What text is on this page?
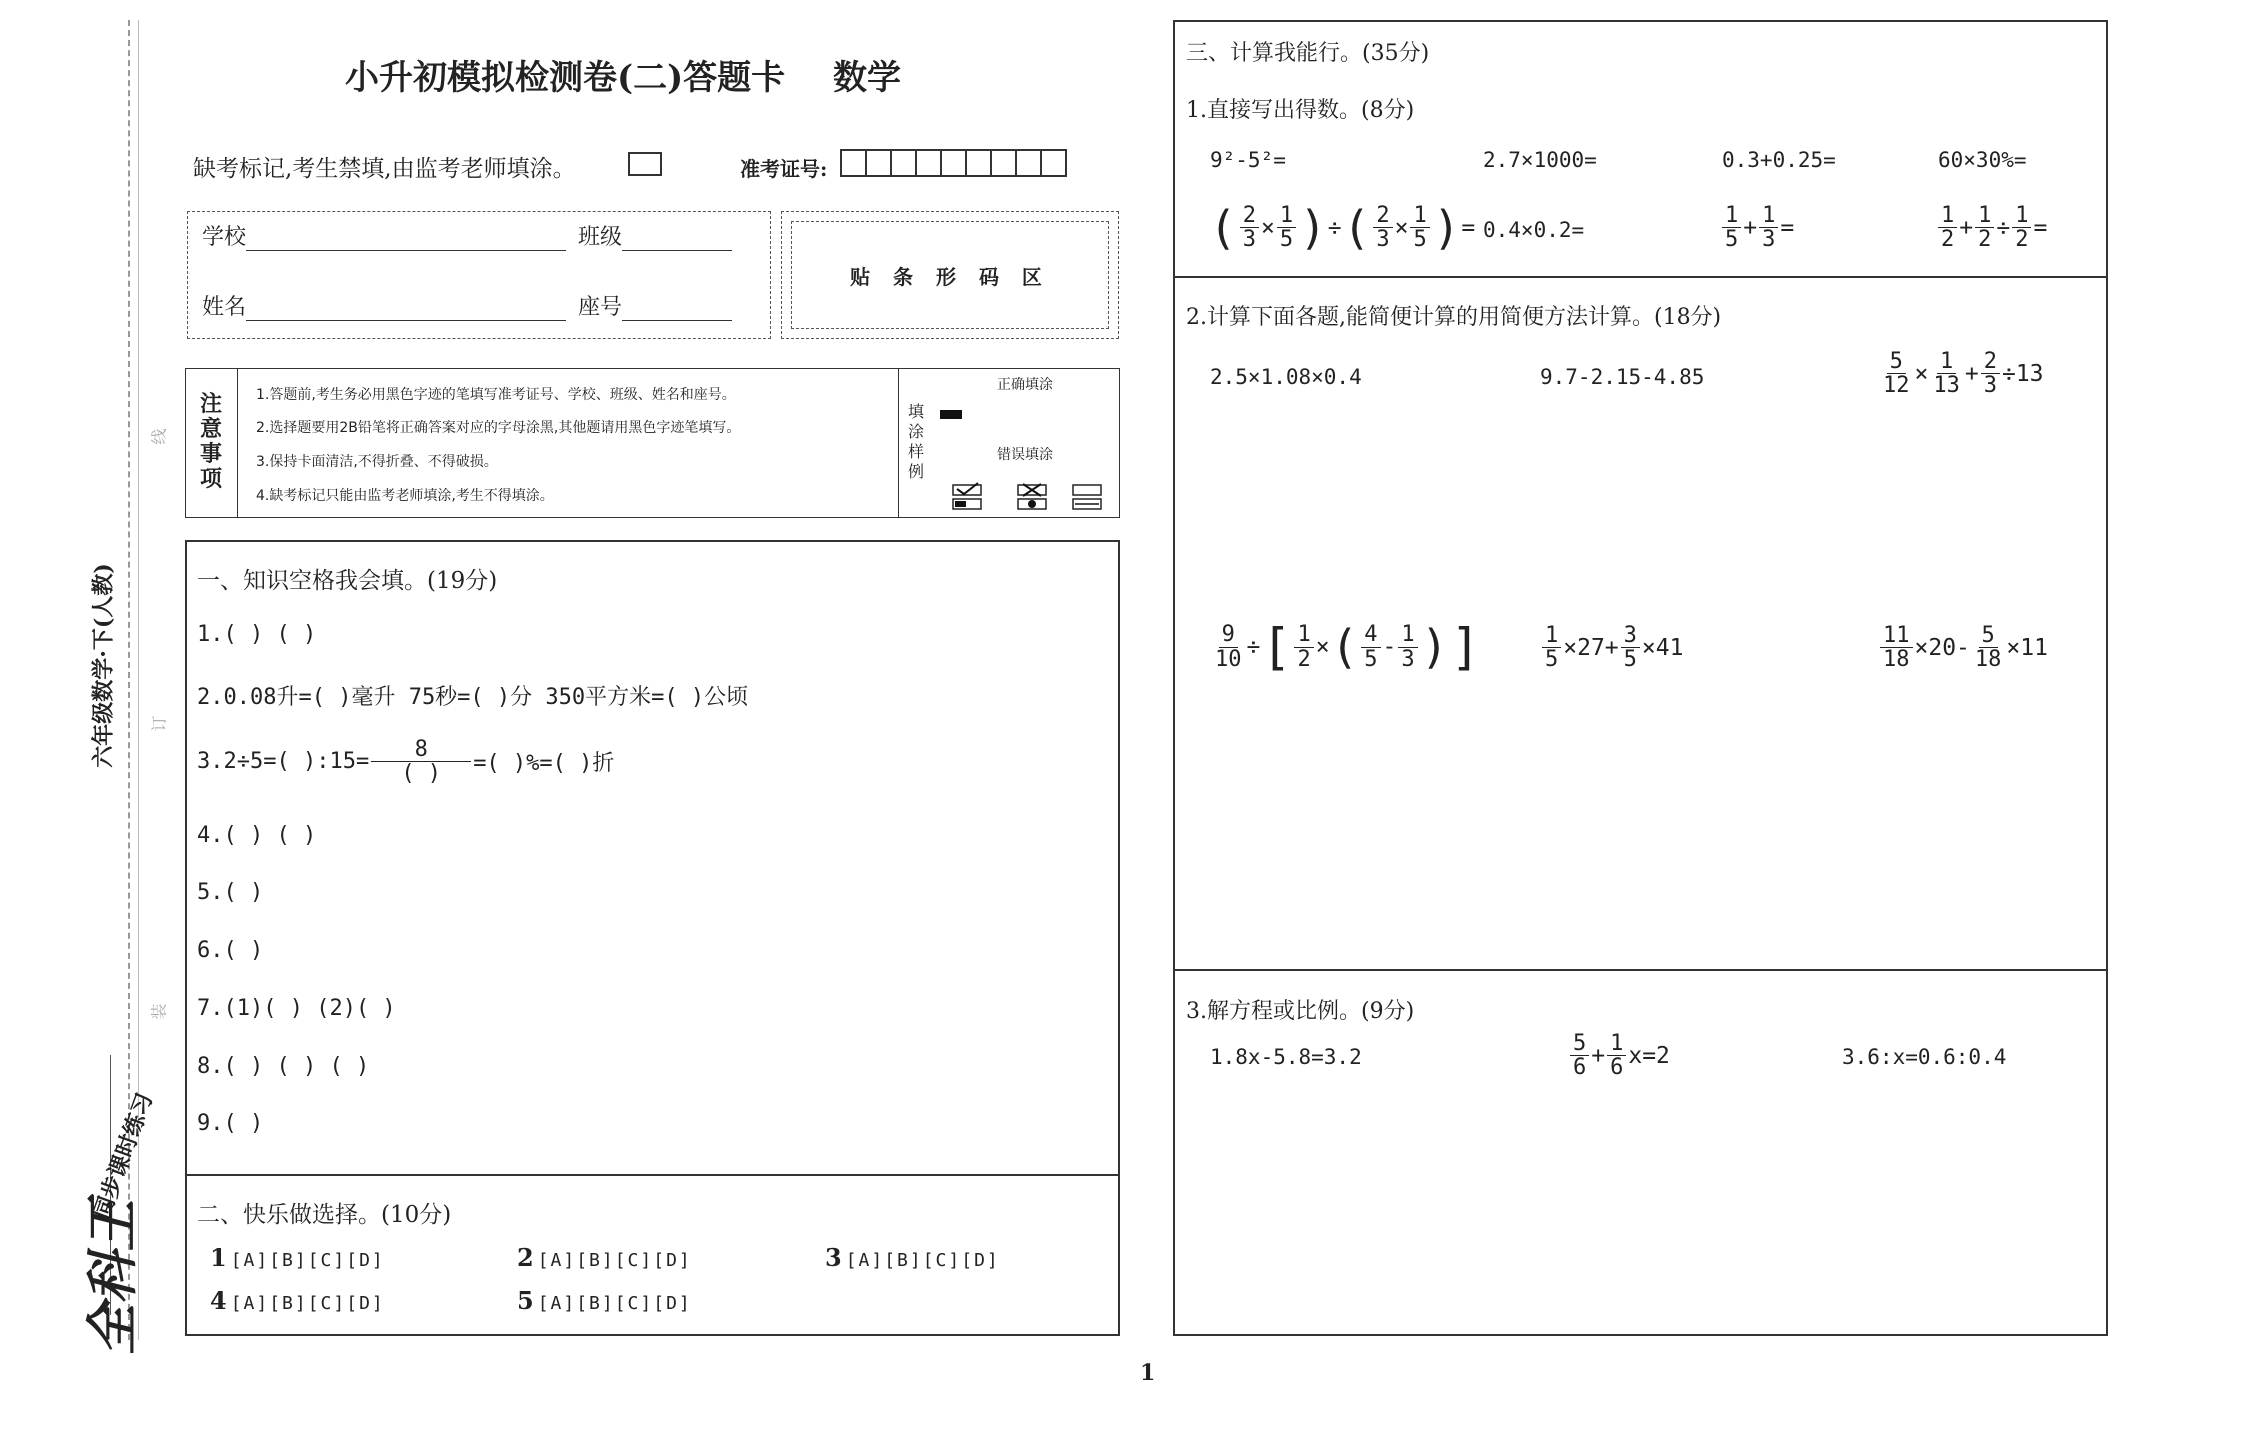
线
订
装
六年级数学·下(人教)
全科王
同步课时练习
小升初模拟检测卷(二)答题卡 数学
缺考标记,考生禁填,由监考老师填涂。	准考证号:
学校	班级
姓名	座号
贴 条 形 码 区
注意事项
1.答题前,考生务必用黑色字迹的笔填写准考证号、学校、班级、姓名和座号。
2.选择题要用2B铅笔将正确答案对应的字母涂黑,其他题请用黑色字迹笔填写。
3.保持卡面清洁,不得折叠、不得破损。
4.缺考标记只能由监考老师填涂,考生不得填涂。
填涂样例
正确填涂
错误填涂
一、知识空格我会填。(19分)
1.( ) ( )
2.0.08升=( )毫升 75秒=( )分 350平方米=( )公顷
3.2÷5=( ):15= $\frac{8}{( )}$ =( )%=( )折
4.( ) ( )
5.( )
6.( )
7.(1)( ) (2)( )
8.( ) ( ) ( )
9.( )
二、快乐做选择。(10分)
1 [A][B][C][D]	2 [A][B][C][D]	3 [A][B][C][D]
4 [A][B][C][D]	5 [A][B][C][D]
三、计算我能行。(35分)
1.直接写出得数。(8分)
9²-5²=	2.7×1000=	0.3+0.25=	60×30%=
( $\frac{2}{3} \times \frac{1}{5}$ ) ÷ ( $\frac{2}{3} \times \frac{1}{5}$ ) = 0.4×0.2=	$\frac{1}{5} + \frac{1}{3}$ =	$\frac{1}{2} + \frac{1}{2} \div \frac{1}{2}$ =
2.计算下面各题,能简便计算的用简便方法计算。(18分)
2.5×1.08×0.4	9.7-2.15-4.85	$\frac{5}{12} \times \frac{1}{13} + \frac{2}{3} \div 13$
$\frac{9}{10}$ ÷ [ $\frac{1}{2}$ × ( $\frac{4}{5} - \frac{1}{3}$ ) ]	$\frac{1}{5} \times 27+ \frac{3}{5} \times 41$	$\frac{11}{18} \times 20- \frac{5}{18} \times 11$
3.解方程或比例。(9分)
1.8x-5.8=3.2	$\frac{5}{6} + \frac{1}{6} x=2$	3.6:x=0.6:0.4
1
